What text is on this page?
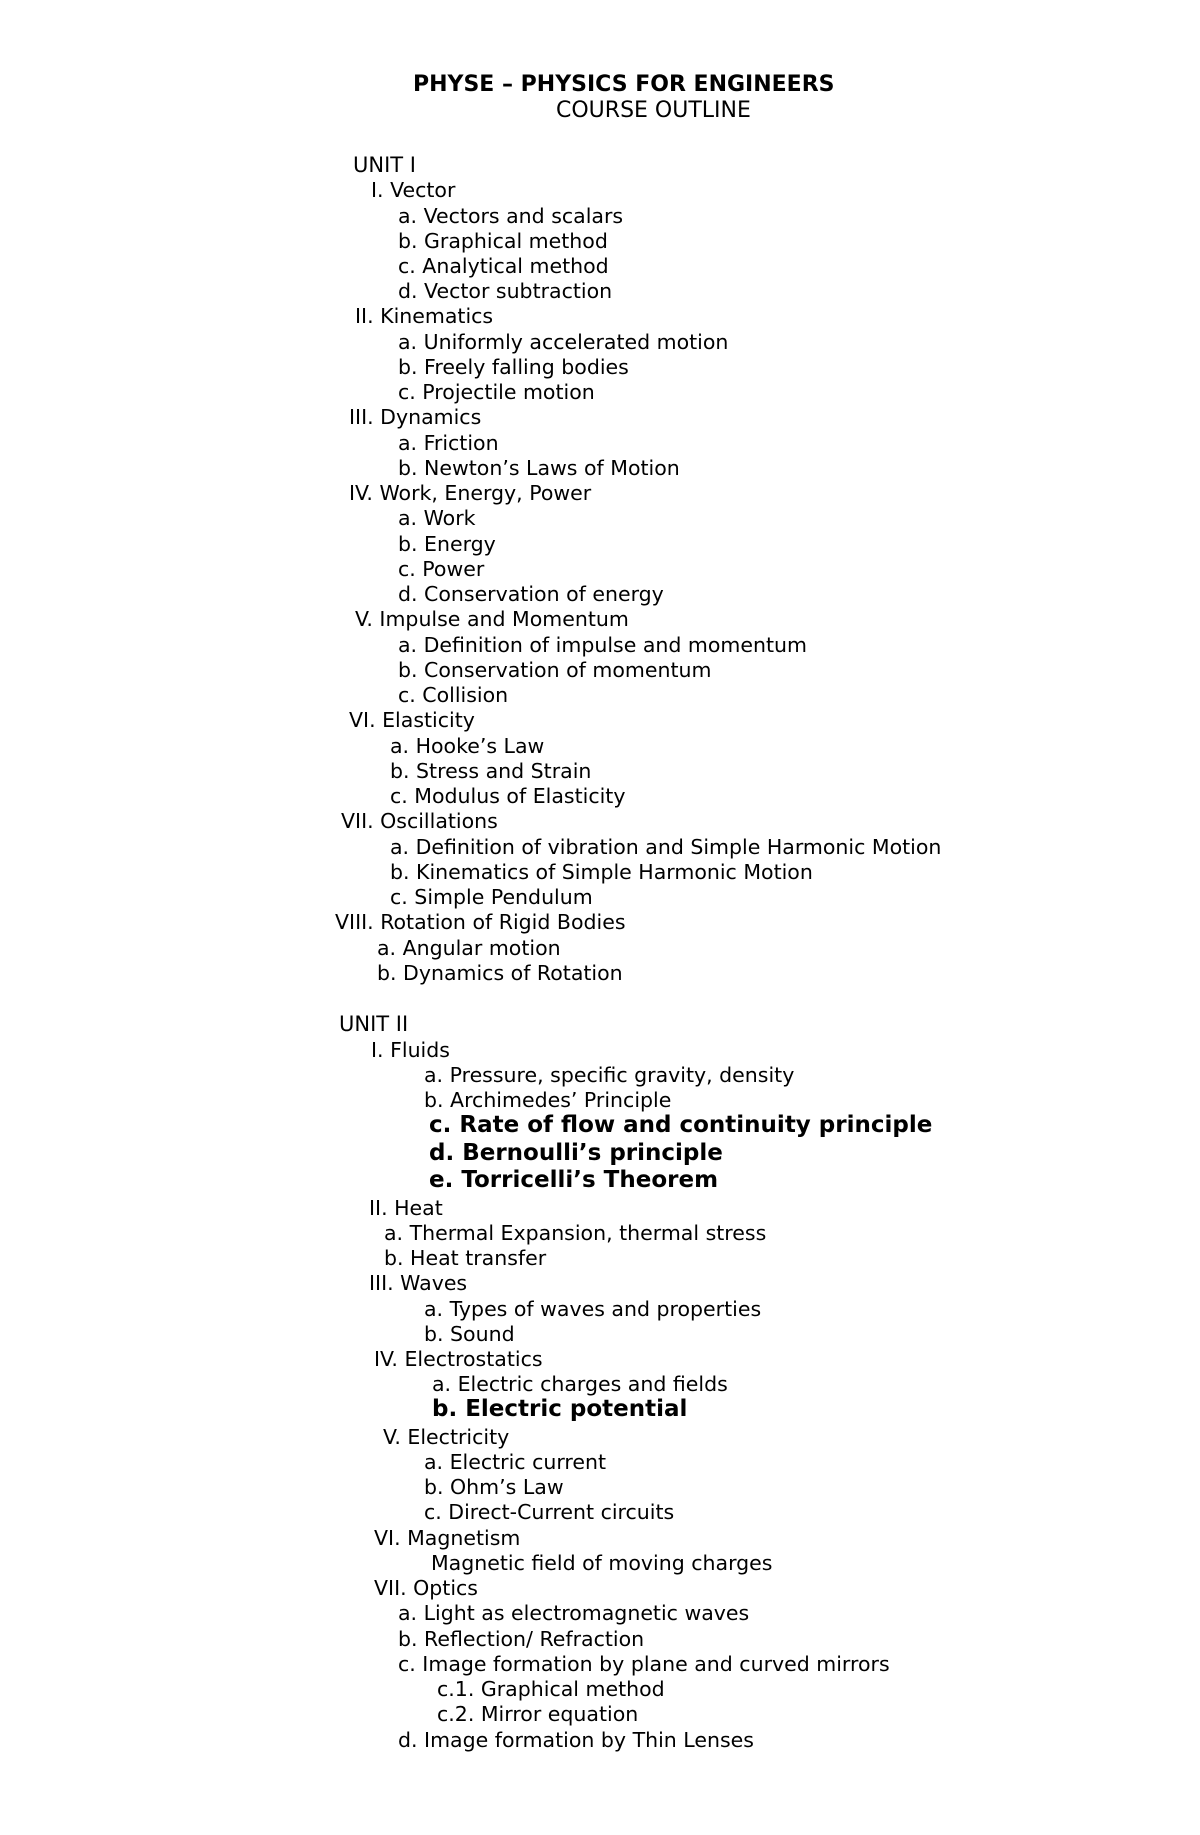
PHYSE – PHYSICS FOR ENGINEERS
COURSE OUTLINE
UNIT I
I. Vector
a. Vectors and scalars
b. Graphical method
c. Analytical method
d. Vector subtraction
II. Kinematics
a. Uniformly accelerated motion
b. Freely falling bodies
c. Projectile motion
III. Dynamics
a. Friction
b. Newton’s Laws of Motion
IV. Work, Energy, Power
a. Work
b. Energy
c. Power
d. Conservation of energy
V. Impulse and Momentum
a. Definition of impulse and momentum
b. Conservation of momentum
c. Collision
VI. Elasticity
a. Hooke’s Law
b. Stress and Strain
c. Modulus of Elasticity
VII. Oscillations
a. Definition of vibration and Simple Harmonic Motion
b. Kinematics of Simple Harmonic Motion
c. Simple Pendulum
VIII. Rotation of Rigid Bodies
a. Angular motion
b. Dynamics of Rotation
UNIT II
I. Fluids
a. Pressure, specific gravity, density
b. Archimedes’ Principle
c. Rate of flow and continuity principle
d. Bernoulli’s principle
e. Torricelli’s Theorem
II. Heat
a. Thermal Expansion, thermal stress
b. Heat transfer
III. Waves
a. Types of waves and properties
b. Sound
IV. Electrostatics
a. Electric charges and fields
b. Electric potential
V. Electricity
a. Electric current
b. Ohm’s Law
c. Direct-Current circuits
VI. Magnetism
Magnetic field of moving charges
VII. Optics
a. Light as electromagnetic waves
b. Reflection/ Refraction
c. Image formation by plane and curved mirrors
c.1. Graphical method
c.2. Mirror equation
d. Image formation by Thin Lenses
